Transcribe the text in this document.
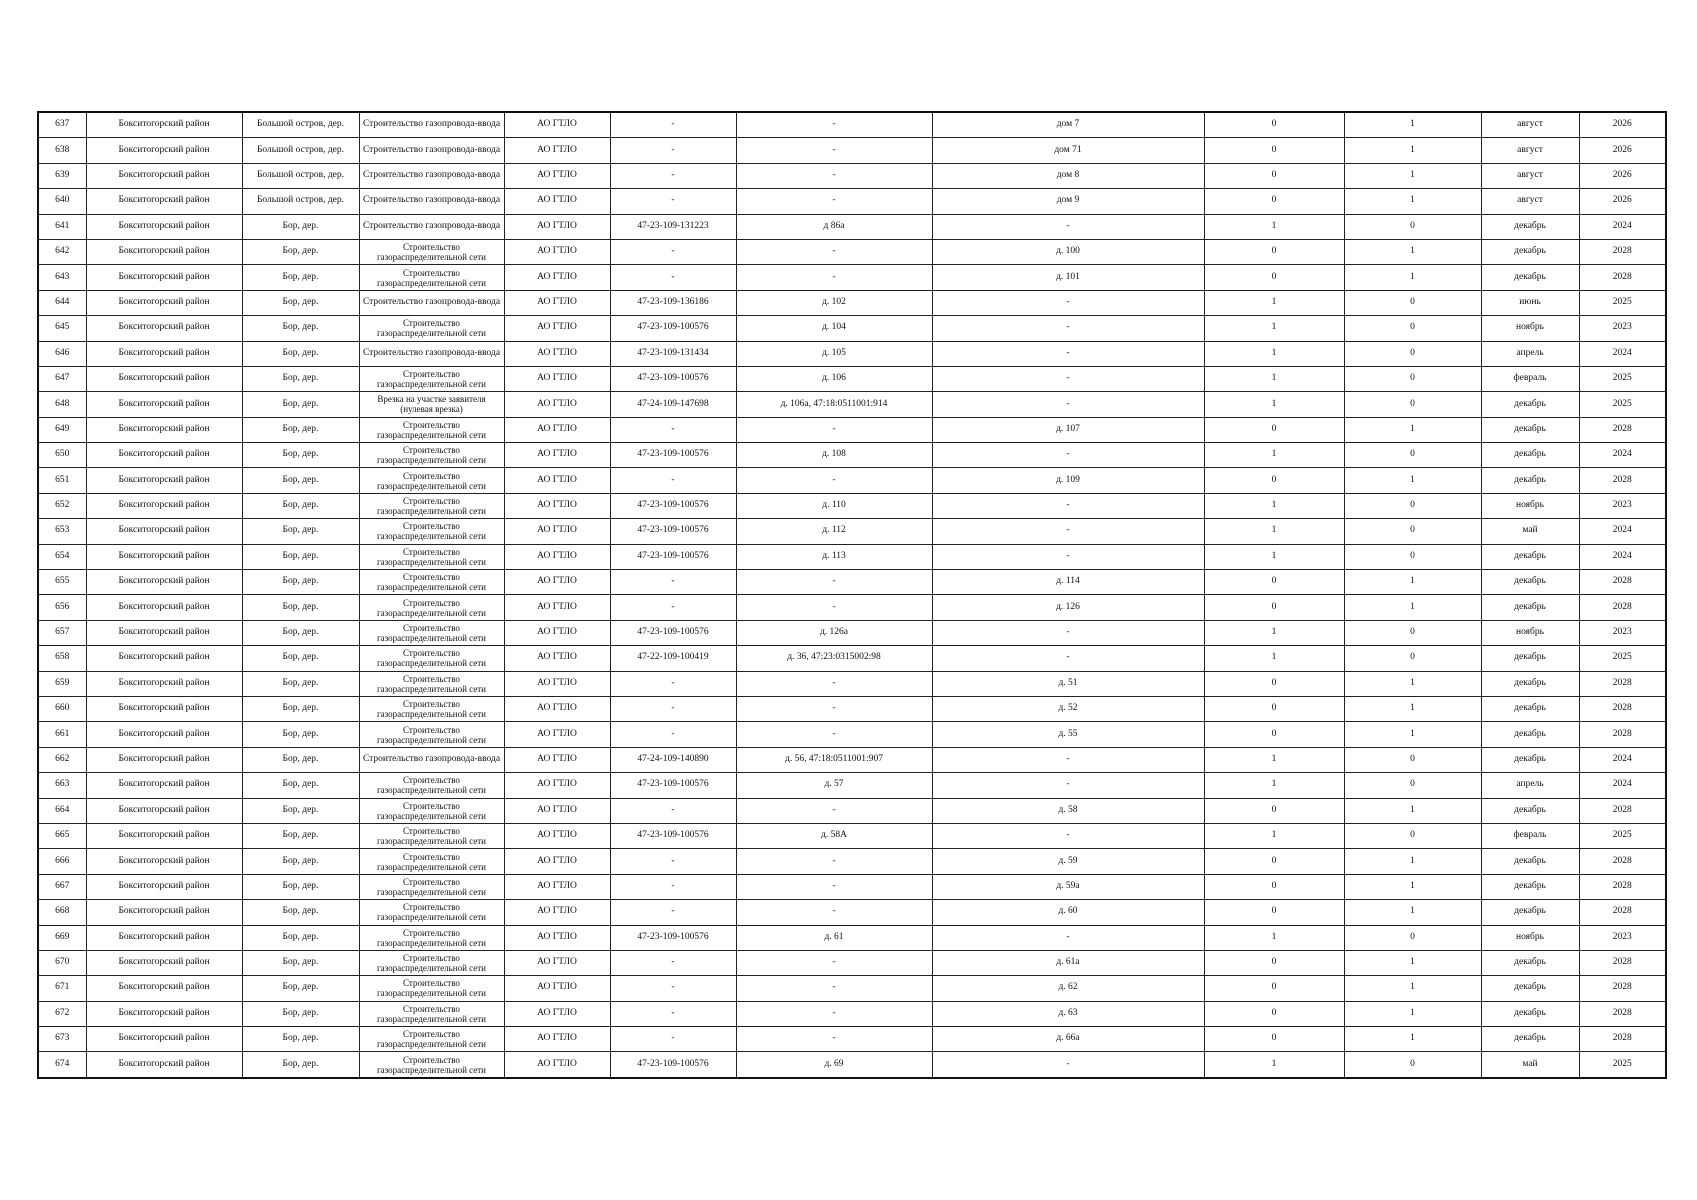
637	Бокситогорский район	Большой остров, дер.	Строительство газопровода-ввода	АО ГТЛО	-	-	дом 7	0	1	август	2026
638	Бокситогорский район	Большой остров, дер.	Строительство газопровода-ввода	АО ГТЛО	-	-	дом 71	0	1	август	2026
639	Бокситогорский район	Большой остров, дер.	Строительство газопровода-ввода	АО ГТЛО	-	-	дом 8	0	1	август	2026
640	Бокситогорский район	Большой остров, дер.	Строительство газопровода-ввода	АО ГТЛО	-	-	дом 9	0	1	август	2026
641	Бокситогорский район	Бор, дер.	Строительство газопровода-ввода	АО ГТЛО	47-23-109-131223	д 86а	-	1	0	декабрь	2024
642	Бокситогорский район	Бор, дер.	Строительство газораспределительной сети	АО ГТЛО	-	-	д. 100	0	1	декабрь	2028
643	Бокситогорский район	Бор, дер.	Строительство газораспределительной сети	АО ГТЛО	-	-	д. 101	0	1	декабрь	2028
644	Бокситогорский район	Бор, дер.	Строительство газопровода-ввода	АО ГТЛО	47-23-109-136186	д. 102	-	1	0	июнь	2025
645	Бокситогорский район	Бор, дер.	Строительство газораспределительной сети	АО ГТЛО	47-23-109-100576	д. 104	-	1	0	ноябрь	2023
646	Бокситогорский район	Бор, дер.	Строительство газопровода-ввода	АО ГТЛО	47-23-109-131434	д. 105	-	1	0	апрель	2024
647	Бокситогорский район	Бор, дер.	Строительство газораспределительной сети	АО ГТЛО	47-23-109-100576	д. 106	-	1	0	февраль	2025
648	Бокситогорский район	Бор, дер.	Врезка на участке заявителя (нулевая врезка)	АО ГТЛО	47-24-109-147698	д. 106а, 47:18:0511001:914	-	1	0	декабрь	2025
649	Бокситогорский район	Бор, дер.	Строительство газораспределительной сети	АО ГТЛО	-	-	д. 107	0	1	декабрь	2028
650	Бокситогорский район	Бор, дер.	Строительство газораспределительной сети	АО ГТЛО	47-23-109-100576	д. 108	-	1	0	декабрь	2024
651	Бокситогорский район	Бор, дер.	Строительство газораспределительной сети	АО ГТЛО	-	-	д. 109	0	1	декабрь	2028
652	Бокситогорский район	Бор, дер.	Строительство газораспределительной сети	АО ГТЛО	47-23-109-100576	д. 110	-	1	0	ноябрь	2023
653	Бокситогорский район	Бор, дер.	Строительство газораспределительной сети	АО ГТЛО	47-23-109-100576	д. 112	-	1	0	май	2024
654	Бокситогорский район	Бор, дер.	Строительство газораспределительной сети	АО ГТЛО	47-23-109-100576	д. 113	-	1	0	декабрь	2024
655	Бокситогорский район	Бор, дер.	Строительство газораспределительной сети	АО ГТЛО	-	-	д. 114	0	1	декабрь	2028
656	Бокситогорский район	Бор, дер.	Строительство газораспределительной сети	АО ГТЛО	-	-	д. 126	0	1	декабрь	2028
657	Бокситогорский район	Бор, дер.	Строительство газораспределительной сети	АО ГТЛО	47-23-109-100576	д. 126а	-	1	0	ноябрь	2023
658	Бокситогорский район	Бор, дер.	Строительство газораспределительной сети	АО ГТЛО	47-22-109-100419	д. 36, 47:23:0315002:98	-	1	0	декабрь	2025
659	Бокситогорский район	Бор, дер.	Строительство газораспределительной сети	АО ГТЛО	-	-	д. 51	0	1	декабрь	2028
660	Бокситогорский район	Бор, дер.	Строительство газораспределительной сети	АО ГТЛО	-	-	д. 52	0	1	декабрь	2028
661	Бокситогорский район	Бор, дер.	Строительство газораспределительной сети	АО ГТЛО	-	-	д. 55	0	1	декабрь	2028
662	Бокситогорский район	Бор, дер.	Строительство газопровода-ввода	АО ГТЛО	47-24-109-140890	д. 56, 47:18:0511001:907	-	1	0	декабрь	2024
663	Бокситогорский район	Бор, дер.	Строительство газораспределительной сети	АО ГТЛО	47-23-109-100576	д. 57	-	1	0	апрель	2024
664	Бокситогорский район	Бор, дер.	Строительство газораспределительной сети	АО ГТЛО	-	-	д. 58	0	1	декабрь	2028
665	Бокситогорский район	Бор, дер.	Строительство газораспределительной сети	АО ГТЛО	47-23-109-100576	д. 58А	-	1	0	февраль	2025
666	Бокситогорский район	Бор, дер.	Строительство газораспределительной сети	АО ГТЛО	-	-	д. 59	0	1	декабрь	2028
667	Бокситогорский район	Бор, дер.	Строительство газораспределительной сети	АО ГТЛО	-	-	д. 59а	0	1	декабрь	2028
668	Бокситогорский район	Бор, дер.	Строительство газораспределительной сети	АО ГТЛО	-	-	д. 60	0	1	декабрь	2028
669	Бокситогорский район	Бор, дер.	Строительство газораспределительной сети	АО ГТЛО	47-23-109-100576	д. 61	-	1	0	ноябрь	2023
670	Бокситогорский район	Бор, дер.	Строительство газораспределительной сети	АО ГТЛО	-	-	д. 61а	0	1	декабрь	2028
671	Бокситогорский район	Бор, дер.	Строительство газораспределительной сети	АО ГТЛО	-	-	д. 62	0	1	декабрь	2028
672	Бокситогорский район	Бор, дер.	Строительство газораспределительной сети	АО ГТЛО	-	-	д. 63	0	1	декабрь	2028
673	Бокситогорский район	Бор, дер.	Строительство газораспределительной сети	АО ГТЛО	-	-	д. 66а	0	1	декабрь	2028
674	Бокситогорский район	Бор, дер.	Строительство газораспределительной сети	АО ГТЛО	47-23-109-100576	д. 69	-	1	0	май	2025
